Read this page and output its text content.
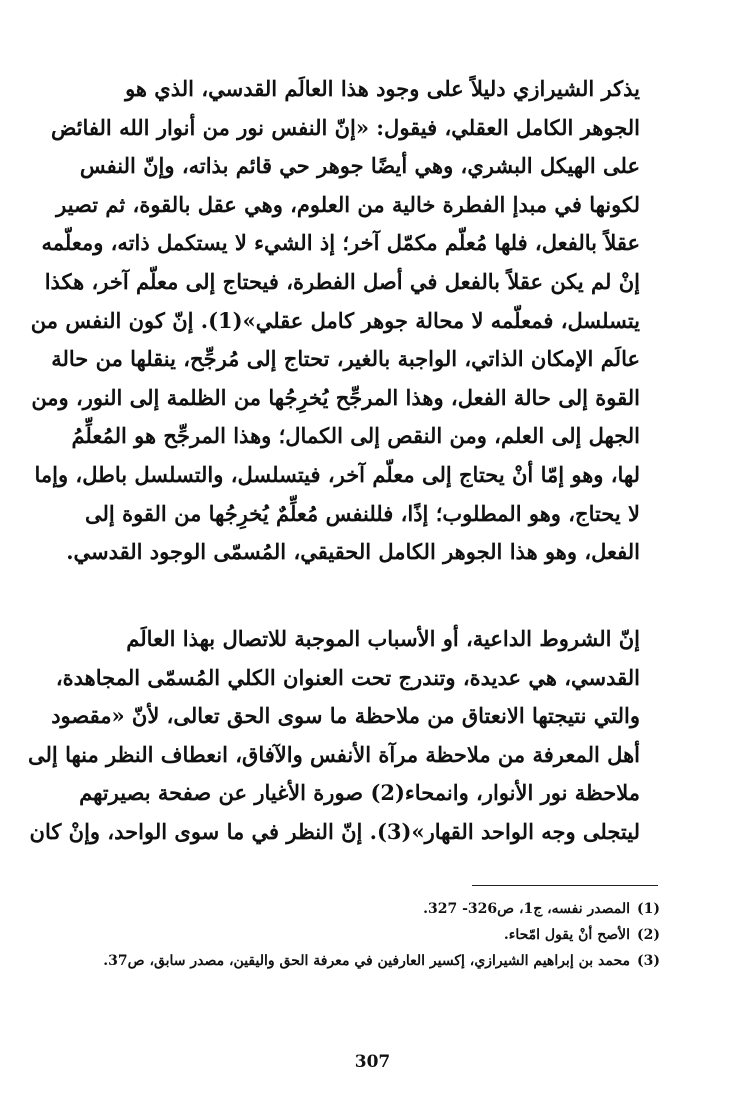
يذكر الشيرازي دليلاً على وجود هذا العالَم القدسي، الذي هو
الجوهر الكامل العقلي، فيقول: «إنّ النفس نور من أنوار الله الفائض
على الهيكل البشري، وهي أيضًا جوهر حي قائم بذاته، وإنّ النفس
لكونها في مبدإ الفطرة خالية من العلوم، وهي عقل بالقوة، ثم تصير
عقلاً بالفعل، فلها مُعلّم مكمّل آخر؛ إذ الشيء لا يستكمل ذاته، ومعلّمه
إنْ لم يكن عقلاً بالفعل في أصل الفطرة، فيحتاج إلى معلّم آخر، هكذا
يتسلسل، فمعلّمه لا محالة جوهر كامل عقلي»(1). إنّ كون النفس من
عالَم الإمكان الذاتي، الواجبة بالغير، تحتاج إلى مُرجِّح، ينقلها من حالة
القوة إلى حالة الفعل، وهذا المرجِّح يُخرِجُها من الظلمة إلى النور، ومن
الجهل إلى العلم، ومن النقص إلى الكمال؛ وهذا المرجِّح هو المُعلِّمُ
لها، وهو إمّا أنْ يحتاج إلى معلّم آخر، فيتسلسل، والتسلسل باطل، وإما
لا يحتاج، وهو المطلوب؛ إذًا، فللنفس مُعلِّمٌ يُخرِجُها من القوة إلى
الفعل، وهو هذا الجوهر الكامل الحقيقي، المُسمّى الوجود القدسي.
إنّ الشروط الداعية، أو الأسباب الموجبة للاتصال بهذا العالَم
القدسي، هي عديدة، وتندرج تحت العنوان الكلي المُسمّى المجاهدة،
والتي نتيجتها الانعتاق من ملاحظة ما سوى الحق تعالى، لأنّ «مقصود
أهل المعرفة من ملاحظة مرآة الأنفس والآفاق، انعطاف النظر منها إلى
ملاحظة نور الأنوار، وانمحاء(2) صورة الأغيار عن صفحة بصيرتهم
ليتجلى وجه الواحد القهار»(3). إنّ النظر في ما سوى الواحد، وإنْ كان
(1)
المصدر نفسه، ج1، ص326- 327.
(2)
الأصح أنْ يقول امّحاء.
(3)
محمد بن إبراهيم الشيرازي، إكسير العارفين في معرفة الحق واليقين، مصدر سابق، ص37.
307
